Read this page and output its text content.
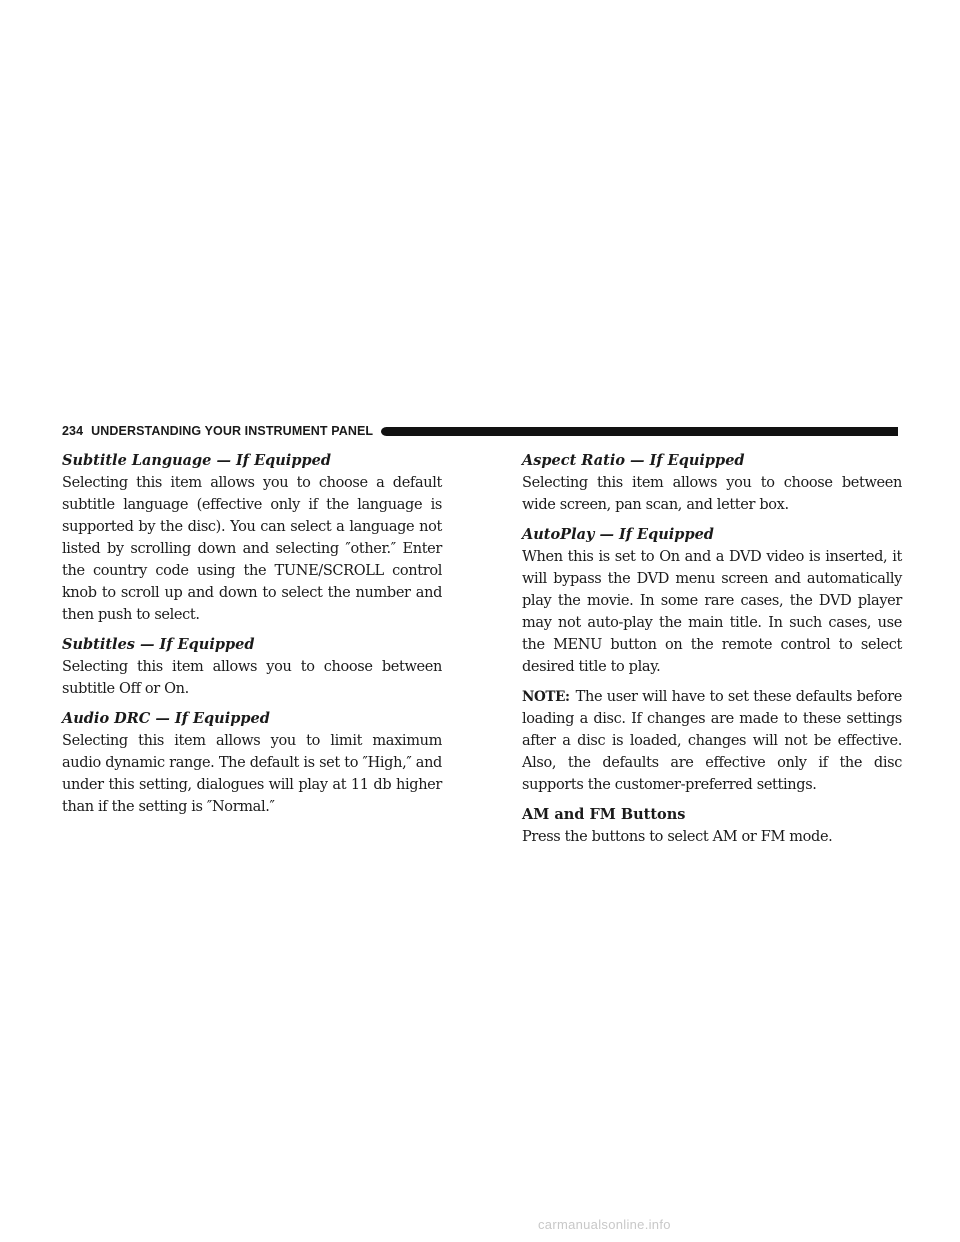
234 UNDERSTANDING YOUR INSTRUMENT PANEL

Subtitle Language — If Equipped

Selecting this item allows you to choose a default subtitle language (effective only if the language is supported by the disc). You can select a language not listed by scrolling down and selecting ″other.″ Enter the country code using the TUNE/SCROLL control knob to scroll up and down to select the number and then push to select.

Subtitles — If Equipped

Selecting this item allows you to choose between subtitle Off or On.

Audio DRC — If Equipped

Selecting this item allows you to limit maximum audio dynamic range. The default is set to ″High,″ and under this setting, dialogues will play at 11 db higher than if the setting is ″Normal.″

Aspect Ratio — If Equipped

Selecting this item allows you to choose between wide screen, pan scan, and letter box.

AutoPlay — If Equipped

When this is set to On and a DVD video is inserted, it will bypass the DVD menu screen and automatically play the movie. In some rare cases, the DVD player may not auto-play the main title. In such cases, use the MENU button on the remote control to select desired title to play.

NOTE: The user will have to set these defaults before loading a disc. If changes are made to these settings after a disc is loaded, changes will not be effective. Also, the defaults are effective only if the disc supports the customer-preferred settings.

AM and FM Buttons

Press the buttons to select AM or FM mode.

carmanualsonline.info
